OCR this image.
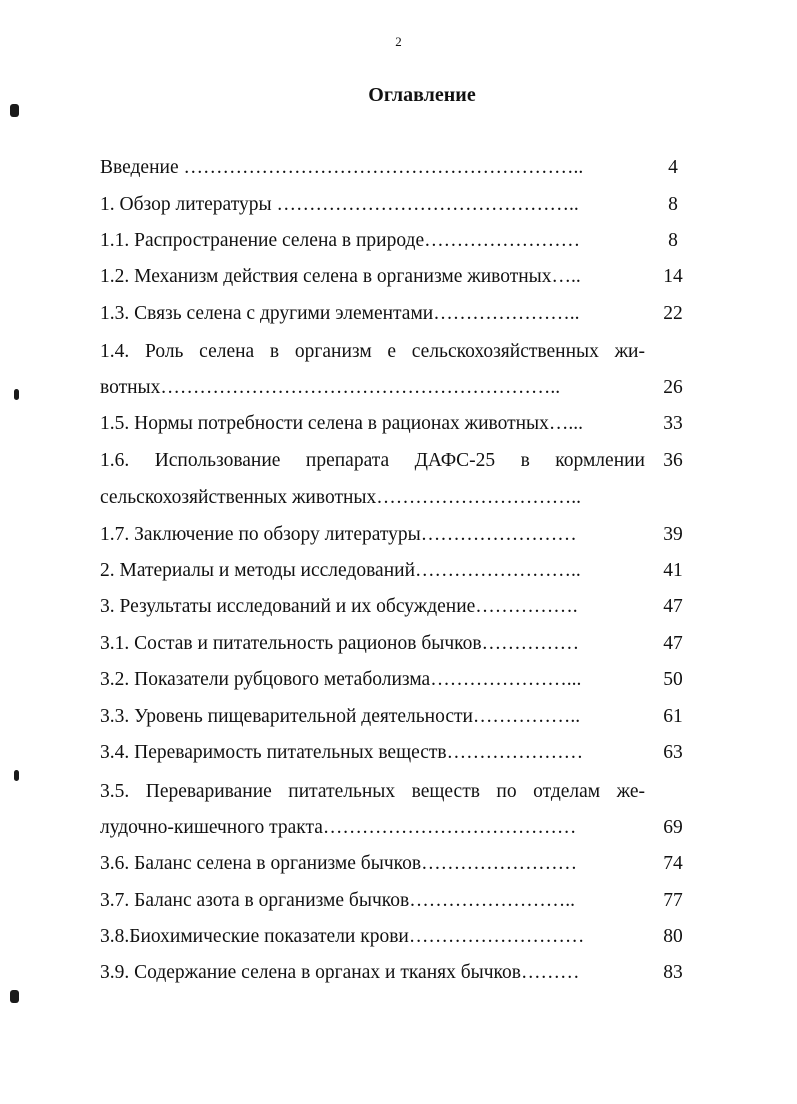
2
Оглавление
Введение ……………………………………………………..	4
1. Обзор литературы ………………………………………..	8
1.1. Распространение селена в природе……………………	8
1.2. Механизм действия селена в организме животных…..	14
1.3. Связь селена с другими элементами…………………..	22
1.4. Роль селена в организм е сельскохозяйственных жи-
вотных……………………………………………………..	26
1.5. Нормы потребности селена в рационах животных…...	33
1.6. Использование препарата ДАФС-25 в кормлении 36
сельскохозяйственных животных…………………………..
1.7. Заключение по обзору литературы……………………	39
2. Материалы и методы исследований……………………..	41
3. Результаты исследований и их обсуждение…………….	47
3.1. Состав и питательность рационов бычков……………	47
3.2. Показатели рубцового метаболизма…………………...	50
3.3. Уровень пищеварительной деятельности……………..	61
3.4. Переваримость питательных веществ…………………	63
3.5. Переваривание питательных веществ по отделам же-
лудочно-кишечного тракта…………………………………	69
3.6. Баланс селена в организме бычков……………………	74
3.7. Баланс азота в организме бычков……………………..	77
3.8.Биохимические показатели крови………………………	80
3.9. Содержание селена в органах и тканях бычков………	83
